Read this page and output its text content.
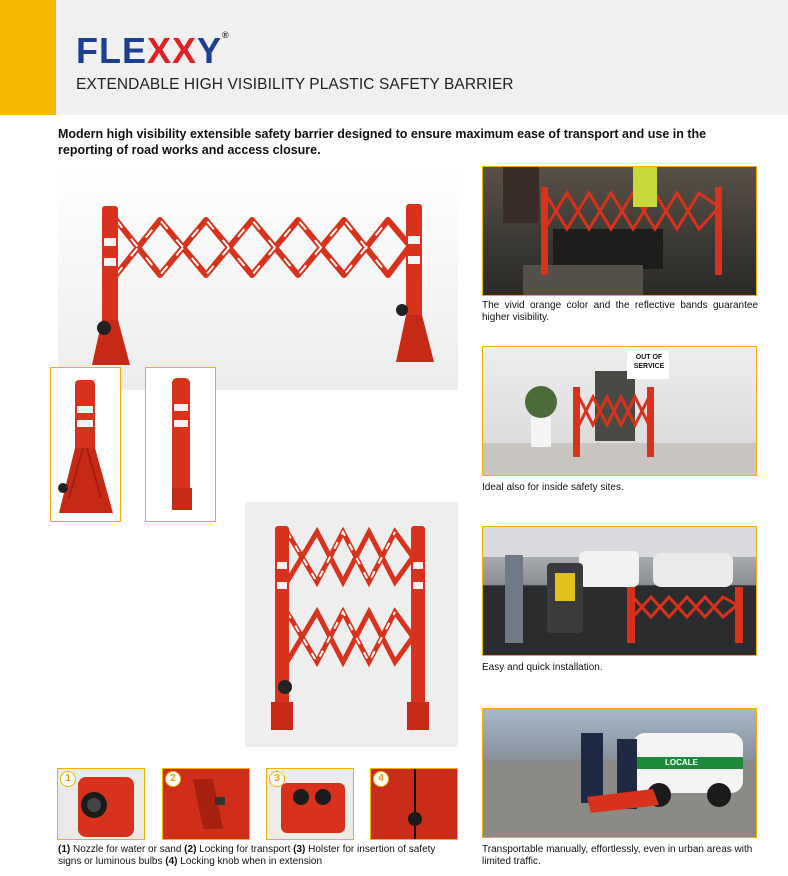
FLEXXY®
EXTENDABLE HIGH VISIBILITY PLASTIC SAFETY BARRIER
Modern high visibility extensible safety barrier designed to ensure maximum ease of transport and use in the reporting of road works and access closure.
1	2	3	4
(1) Nozzle for water or sand (2) Locking for transport (3) Holster for insertion of safety signs or luminous bulbs (4) Locking knob when in extension
The vivid orange color and the reflective bands guarantee higher visibility.
OUT OF
SERVICE
Ideal also for inside safety sites.
Easy and quick installation.
LOCALE
Transportable manually, effortlessly, even in urban areas with limited traffic.
